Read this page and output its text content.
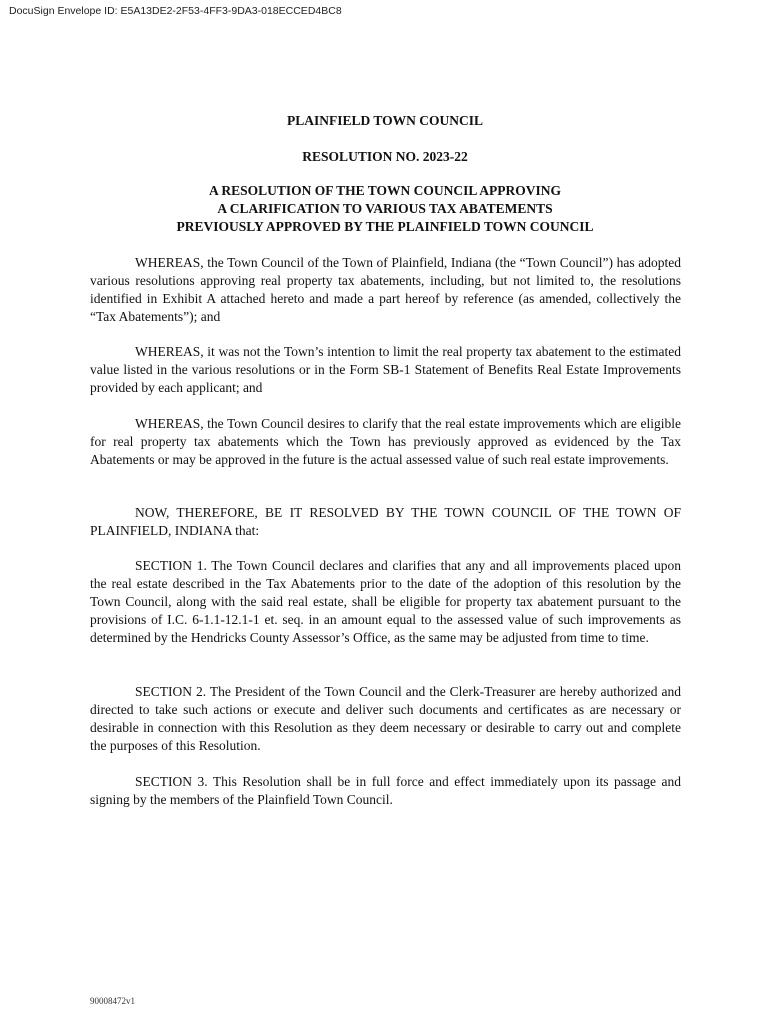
DocuSign Envelope ID: E5A13DE2-2F53-4FF3-9DA3-018ECCED4BC8
PLAINFIELD TOWN COUNCIL
RESOLUTION NO. 2023-22
A RESOLUTION OF THE TOWN COUNCIL APPROVING
A CLARIFICATION TO VARIOUS TAX ABATEMENTS
PREVIOUSLY APPROVED BY THE PLAINFIELD TOWN COUNCIL

WHEREAS, the Town Council of the Town of Plainfield, Indiana (the “Town Council”) has adopted various resolutions approving real property tax abatements, including, but not limited to, the resolutions identified in Exhibit A attached hereto and made a part hereof by reference (as amended, collectively the “Tax Abatements”); and

WHEREAS, it was not the Town’s intention to limit the real property tax abatement to the estimated value listed in the various resolutions or in the Form SB-1 Statement of Benefits Real Estate Improvements provided by each applicant; and

WHEREAS, the Town Council desires to clarify that the real estate improvements which are eligible for real property tax abatements which the Town has previously approved as evidenced by the Tax Abatements or may be approved in the future is the actual assessed value of such real estate improvements.

NOW, THEREFORE, BE IT RESOLVED BY THE TOWN COUNCIL OF THE TOWN OF PLAINFIELD, INDIANA that:

SECTION 1. The Town Council declares and clarifies that any and all improvements placed upon the real estate described in the Tax Abatements prior to the date of the adoption of this resolution by the Town Council, along with the said real estate, shall be eligible for property tax abatement pursuant to the provisions of I.C. 6-1.1-12.1-1 et. seq. in an amount equal to the assessed value of such improvements as determined by the Hendricks County Assessor’s Office, as the same may be adjusted from time to time.

SECTION 2. The President of the Town Council and the Clerk-Treasurer are hereby authorized and directed to take such actions or execute and deliver such documents and certificates as are necessary or desirable in connection with this Resolution as they deem necessary or desirable to carry out and complete the purposes of this Resolution.

SECTION 3. This Resolution shall be in full force and effect immediately upon its passage and signing by the members of the Plainfield Town Council.

90008472v1
